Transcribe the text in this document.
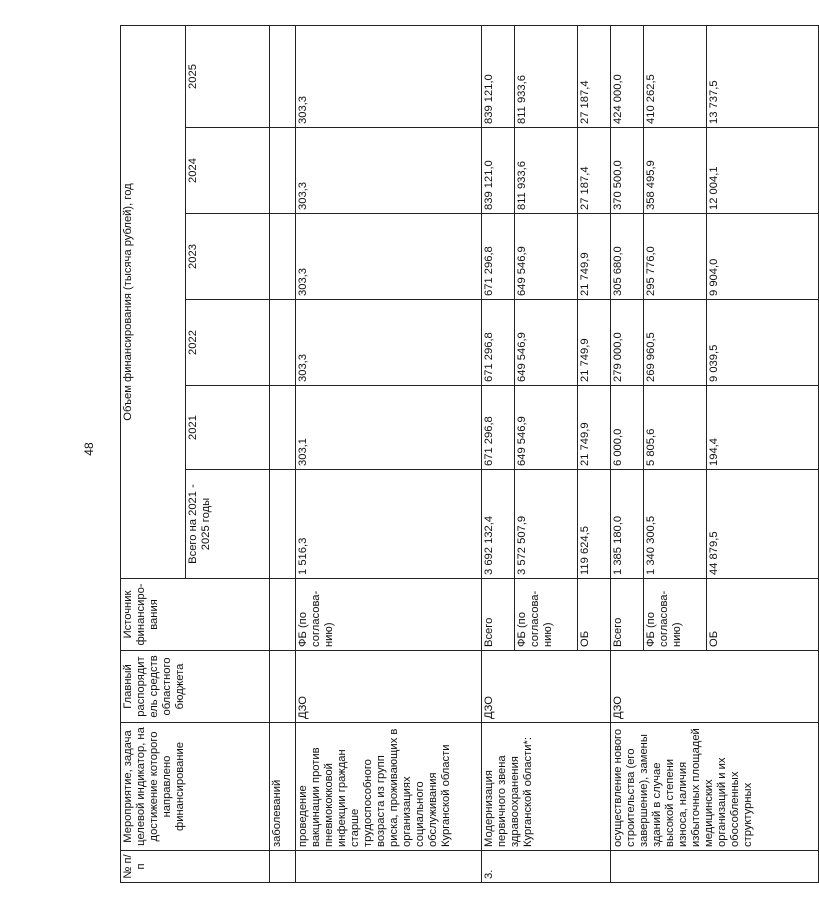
48
№ п/п	Мероприятие, задача целевой индикатор, на достижение которого направлено финансирование	Главный распорядитель средств областного бюджета	Источник финансиро-вания	Объем финансирования (тысяча рублей), год					
				Всего на 2021 - 2025 годы	2021	2022	2023	2024	2025
	заболеваний								
	проведение вакцинации против пневмококковой инфекции граждан старше трудоспособного возраста из групп риска, проживающих в организациях социального обслуживания Курганской области	ДЗО	ФБ (по согласова-нию)	1 516,3	303,1	303,3	303,3	303,3	303,3
3.	Модернизация первичного звена здравоохранения Курганской области*:	ДЗО	Всего	3 692 132,4	671 296,8	671 296,8	671 296,8	839 121,0	839 121,0
			ФБ (по согласова-нию)	3 572 507,9	649 546,9	649 546,9	649 546,9	811 933,6	811 933,6
			ОБ	119 624,5	21 749,9	21 749,9	21 749,9	27 187,4	27 187,4
	осуществление нового строительства (его завершение), замены зданий в случае высокой степени износа, наличия избыточных площадей медицинских организаций и их обособленных структурных	ДЗО	Всего	1 385 180,0	6 000,0	279 000,0	305 680,0	370 500,0	424 000,0
			ФБ (по согласова-нию)	1 340 300,5	5 805,6	269 960,5	295 776,0	358 495,9	410 262,5
			ОБ	44 879,5	194,4	9 039,5	9 904,0	12 004,1	13 737,5
